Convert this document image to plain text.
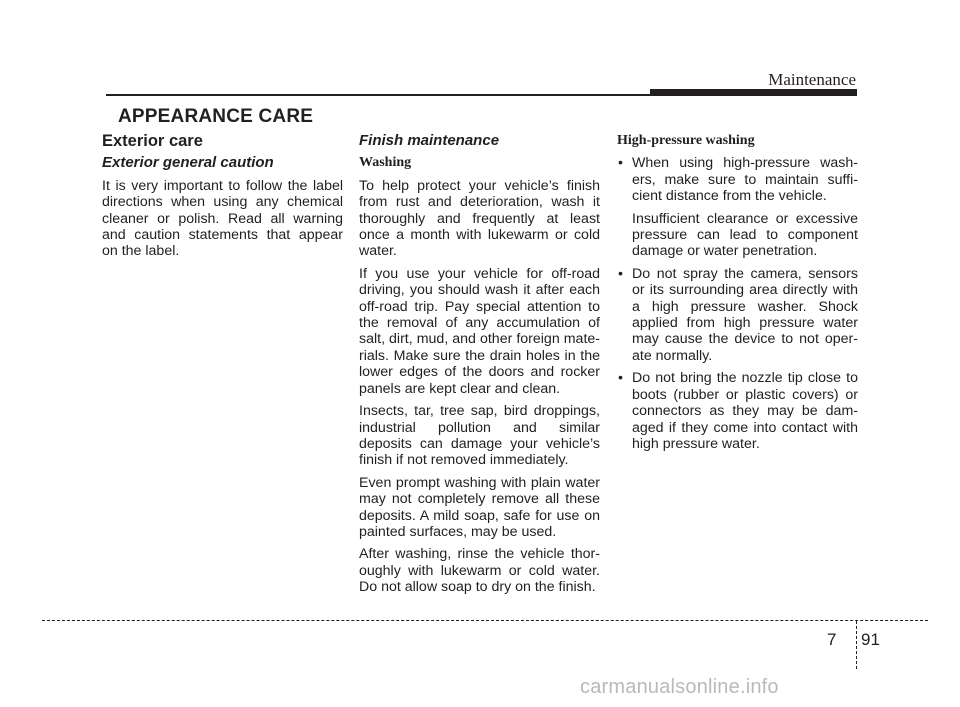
Maintenance
APPEARANCE CARE
Exterior care
Exterior general caution
It is very important to follow the label directions when using any chemical cleaner or polish. Read all warning and caution statements that appear on the label.
Finish maintenance
Washing
To help protect your vehicle’s finish from rust and deterioration, wash it thoroughly and frequently at least once a month with lukewarm or cold water.
If you use your vehicle for off-road driving, you should wash it after each off-road trip. Pay special attention to the removal of any accumulation of salt, dirt, mud, and other foreign mate-rials. Make sure the drain holes in the lower edges of the doors and rocker panels are kept clear and clean.
Insects, tar, tree sap, bird droppings, industrial pollution and similar deposits can damage your vehicle’s finish if not removed immediately.
Even prompt washing with plain water may not completely remove all these deposits. A mild soap, safe for use on painted surfaces, may be used.
After washing, rinse the vehicle thor-oughly with lukewarm or cold water. Do not allow soap to dry on the finish.
High-pressure washing
• When using high-pressure wash-ers, make sure to maintain suffi-cient distance from the vehicle.
Insufficient clearance or excessive pressure can lead to component damage or water penetration.
• Do not spray the camera, sensors or its surrounding area directly with a high pressure washer. Shock applied from high pressure water may cause the device to not oper-ate normally.
• Do not bring the nozzle tip close to boots (rubber or plastic covers) or connectors as they may be dam-aged if they come into contact with high pressure water.
7 91
carmanualsonline.info
